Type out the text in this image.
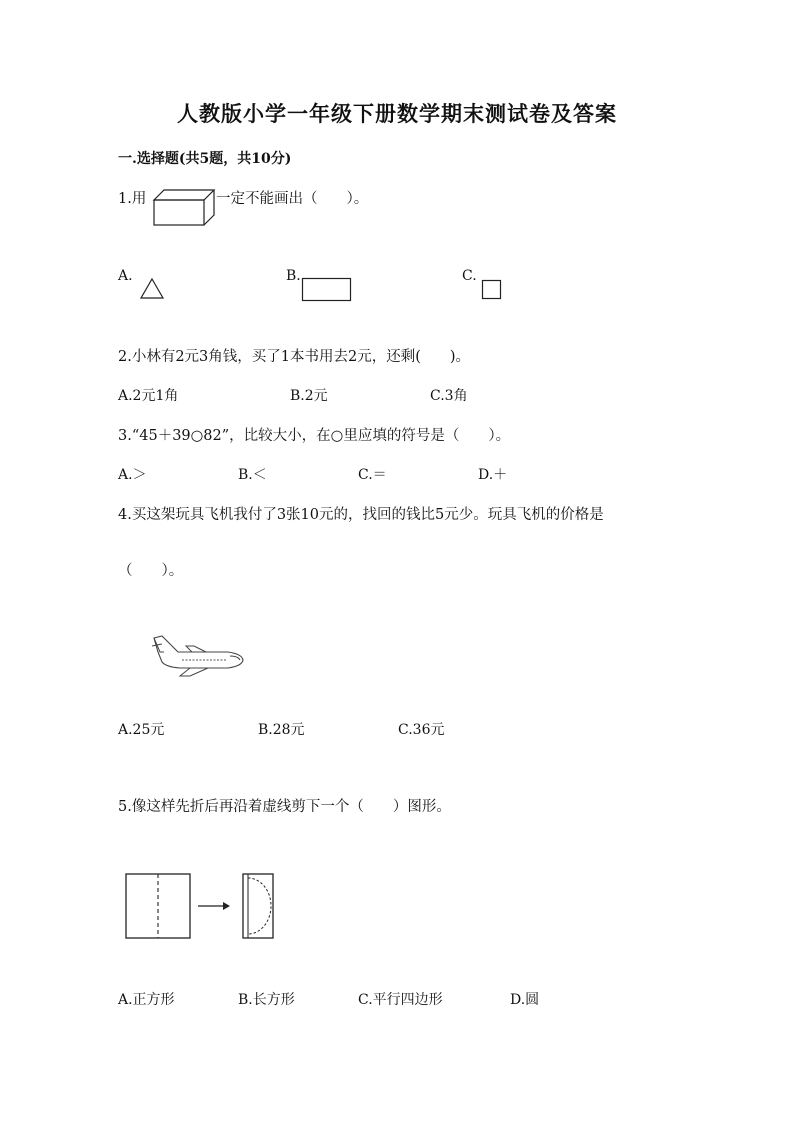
人教版小学一年级下册数学期末测试卷及答案
一.选择题(共5题，共10分)
1.用	一定不能画出（　　）。
A.	B.	C.
2.小林有2元3角钱，买了1本书用去2元，还剩(　　)。
A.2元1角	B.2元	C.3角
3.“45＋39○82”，比较大小，在○里应填的符号是（　　）。
A.＞	B.＜	C.＝	D.＋
4.买这架玩具飞机我付了3张10元的，找回的钱比5元少。玩具飞机的价格是
（　　）。
A.25元	B.28元	C.36元
5.像这样先折后再沿着虚线剪下一个（　　）图形。
A.正方形	B.长方形	C.平行四边形	D.圆
